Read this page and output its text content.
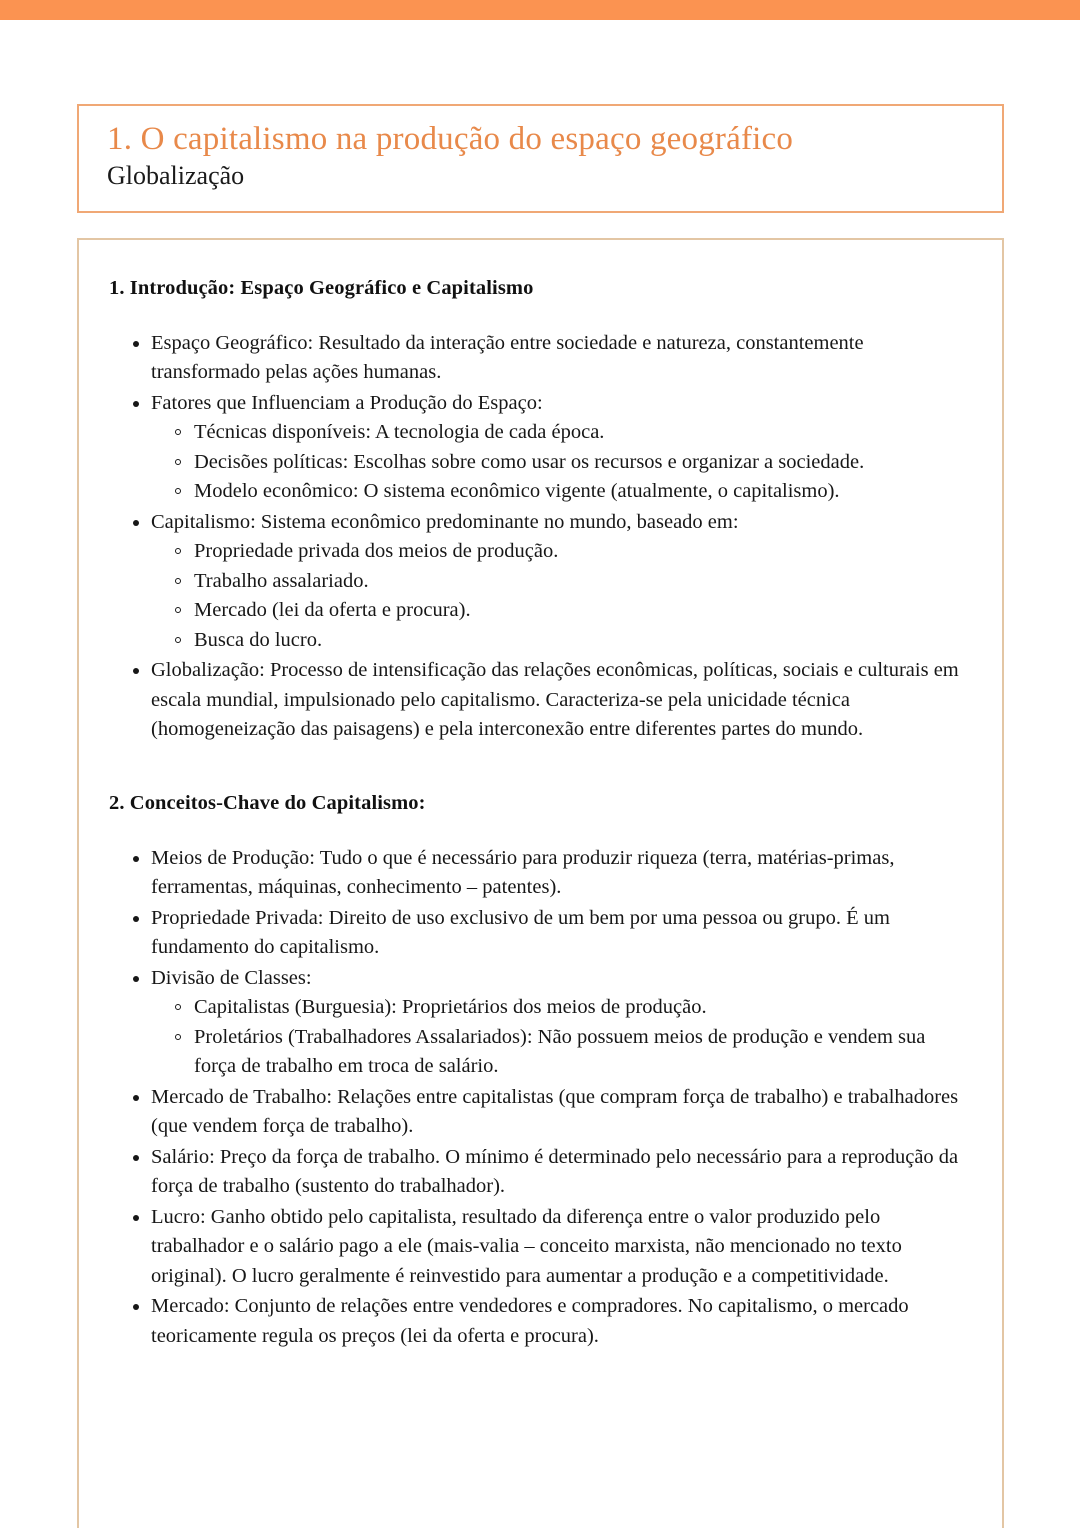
1. O capitalismo na produção do espaço geográfico
Globalização
1. Introdução: Espaço Geográfico e Capitalismo
Espaço Geográfico: Resultado da interação entre sociedade e natureza, constantemente transformado pelas ações humanas.
Fatores que Influenciam a Produção do Espaço:
Técnicas disponíveis: A tecnologia de cada época.
Decisões políticas: Escolhas sobre como usar os recursos e organizar a sociedade.
Modelo econômico: O sistema econômico vigente (atualmente, o capitalismo).
Capitalismo: Sistema econômico predominante no mundo, baseado em:
Propriedade privada dos meios de produção.
Trabalho assalariado.
Mercado (lei da oferta e procura).
Busca do lucro.
Globalização: Processo de intensificação das relações econômicas, políticas, sociais e culturais em escala mundial, impulsionado pelo capitalismo. Caracteriza-se pela unicidade técnica (homogeneização das paisagens) e pela interconexão entre diferentes partes do mundo.
2. Conceitos-Chave do Capitalismo:
Meios de Produção: Tudo o que é necessário para produzir riqueza (terra, matérias-primas, ferramentas, máquinas, conhecimento – patentes).
Propriedade Privada: Direito de uso exclusivo de um bem por uma pessoa ou grupo. É um fundamento do capitalismo.
Divisão de Classes:
Capitalistas (Burguesia): Proprietários dos meios de produção.
Proletários (Trabalhadores Assalariados): Não possuem meios de produção e vendem sua força de trabalho em troca de salário.
Mercado de Trabalho: Relações entre capitalistas (que compram força de trabalho) e trabalhadores (que vendem força de trabalho).
Salário: Preço da força de trabalho. O mínimo é determinado pelo necessário para a reprodução da força de trabalho (sustento do trabalhador).
Lucro: Ganho obtido pelo capitalista, resultado da diferença entre o valor produzido pelo trabalhador e o salário pago a ele (mais-valia – conceito marxista, não mencionado no texto original). O lucro geralmente é reinvestido para aumentar a produção e a competitividade.
Mercado: Conjunto de relações entre vendedores e compradores. No capitalismo, o mercado teoricamente regula os preços (lei da oferta e procura).
